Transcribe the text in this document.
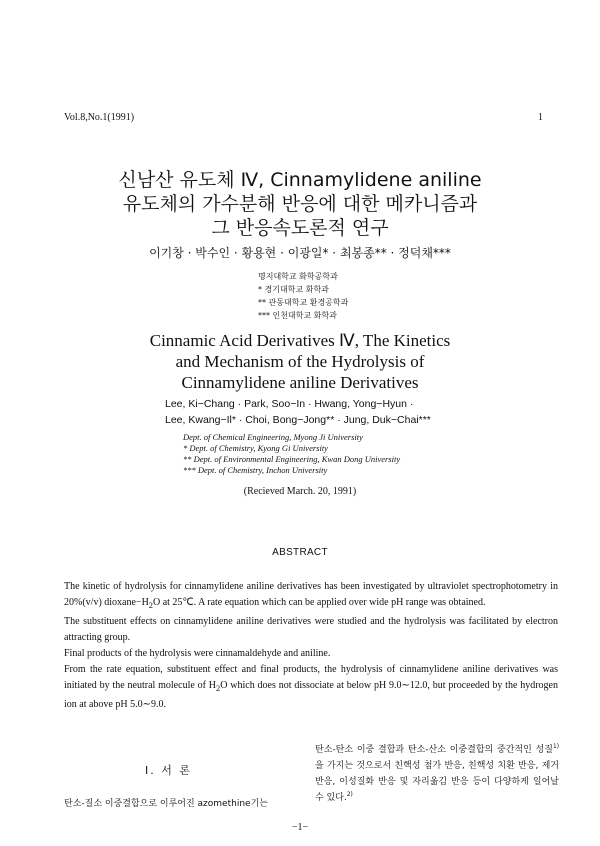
Vol.8,No.1(1991)	1
신남산 유도체 Ⅳ, Cinnamylidene aniline
유도체의 가수분해 반응에 대한 메카니즘과
그 반응속도론적 연구
이기창 · 박수인 · 황용현 · 이광일* · 최봉종** · 정덕채***
명지대학교 화학공학과
* 경기대학교 화학과
** 관동대학교 환경공학과
*** 인천대학교 화학과
Cinnamic Acid Derivatives Ⅳ, The Kinetics
and Mechanism of the Hydrolysis of
Cinnamylidene aniline Derivatives
Lee, Ki−Chang · Park, Soo−In · Hwang, Yong−Hyun ·
Lee, Kwang−Il* · Choi, Bong−Jong** · Jung, Duk−Chai***
Dept. of Chemical Engineering, Myong Ji University
* Dept. of Chemistry, Kyong Gi University
** Dept. of Environmental Engineering, Kwan Dong University
*** Dept. of Chemistry, Inchon University
(Recieved March. 20, 1991)
ABSTRACT

The kinetic of hydrolysis for cinnamylidene aniline derivatives has been investigated by ultraviolet spectrophotometry in 20%(v/v) $dioxane-H_2O$ at 25℃. A rate equation which can be applied over wide pH range was obtained.

The substituent effects on cinnamylidene aniline derivatives were studied and the hydrolysis was facilitated by electron attracting group.

Final products of the hydrolysis were cinnamaldehyde and aniline.

From the rate equation, substituent effect and final products, the hydrolysis of cinnamylidene aniline derivatives was initiated by the neutral molecule of $H_2O$ which does not dissociate at below pH 9.0∼12.0, but proceeded by the hydrogen ion at above pH 5.0∼9.0.

Ⅰ. 서 론
탄소-질소 이중결합으로 이루어진 azomethine기는

탄소-탄소 이중 결합과 탄소-산소 이중결합의 중간적인 성질$^{1)}$을 가지는 것으로서 친핵성 첨가 반응, 친핵성 치환 반응, 제거 반응, 이성질화 반응 및 자리옮김 반응 등이 다양하게 일어날 수 있다.$^{2)}$

−1−
